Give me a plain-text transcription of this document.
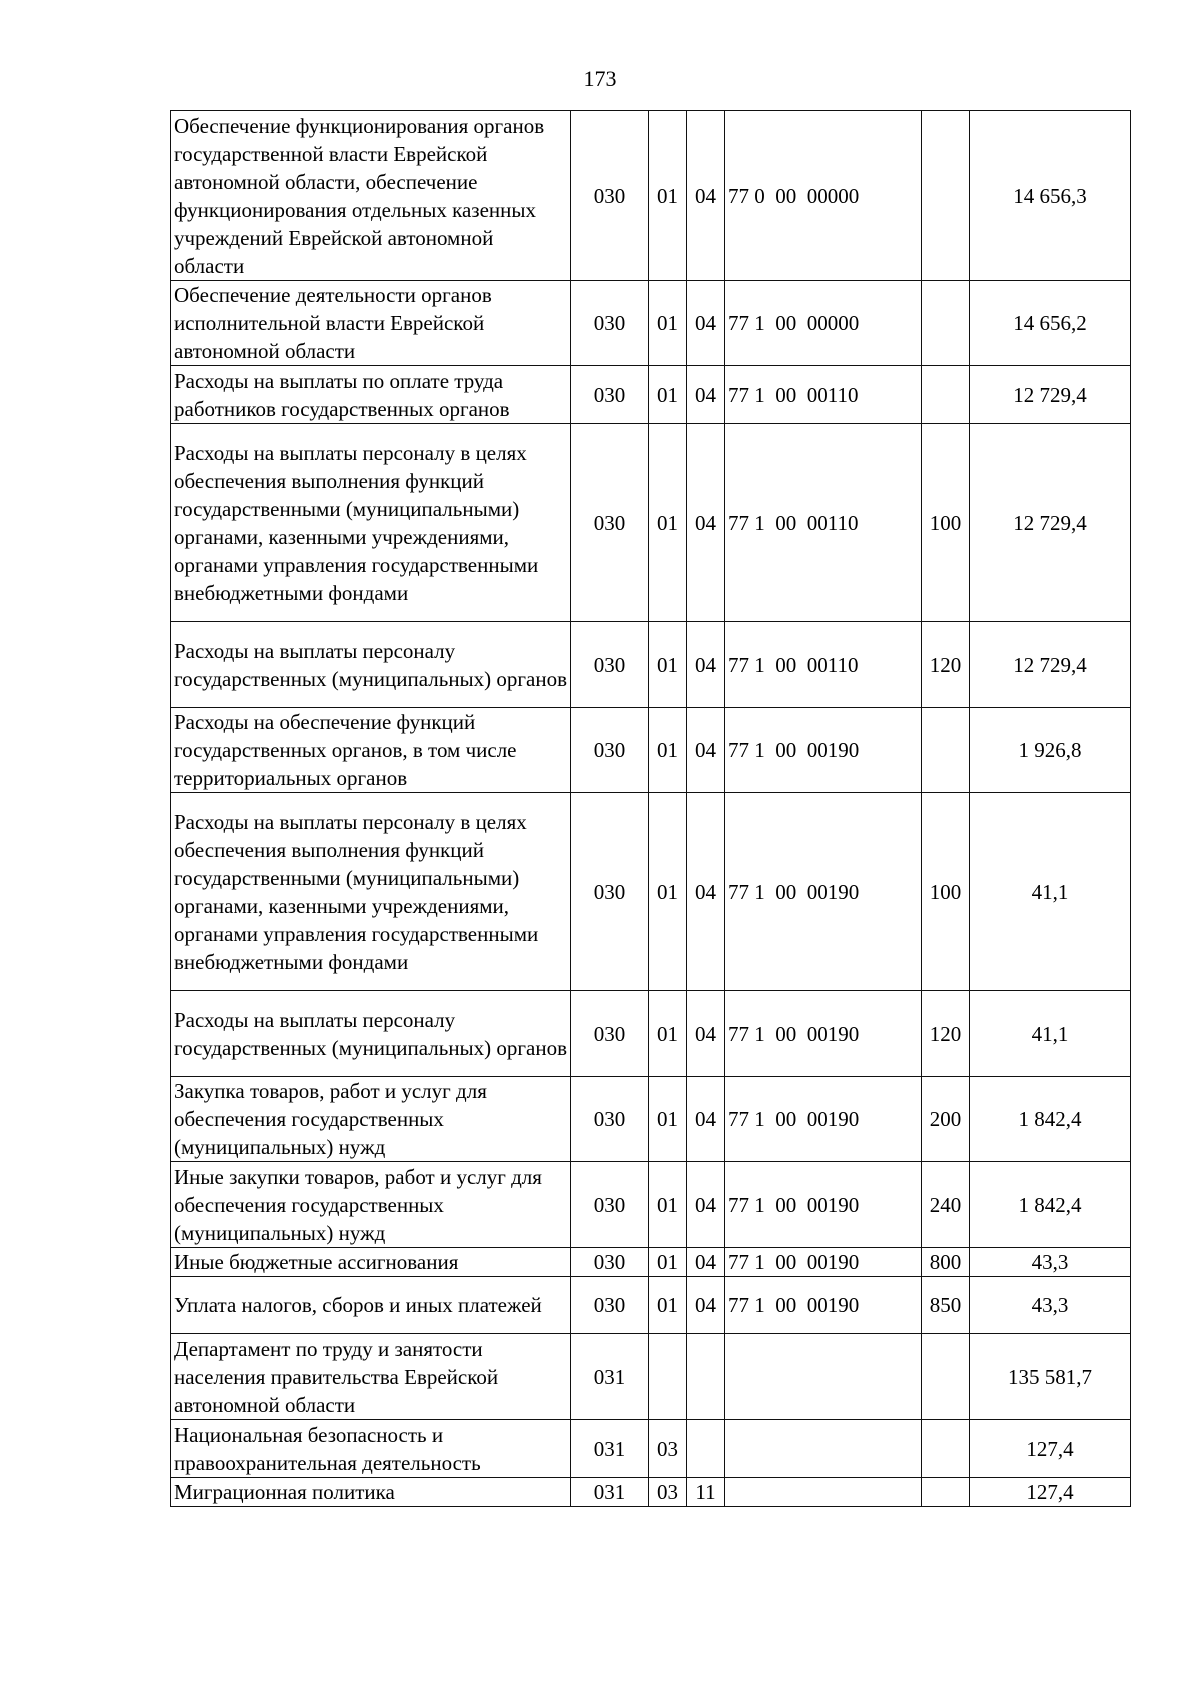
173
Обеспечение функционирования органов государственной власти Еврейской автономной области, обеспечение функционирования отдельных казенных учреждений Еврейской автономной области	030	01	04	77 0  00  00000		14 656,3
Обеспечение деятельности органов исполнительной власти Еврейской автономной области	030	01	04	77 1  00  00000		14 656,2
Расходы на выплаты по оплате труда работников государственных органов	030	01	04	77 1  00  00110		12 729,4
Расходы на выплаты персоналу в целях обеспечения выполнения функций государственными (муниципальными) органами, казенными учреждениями, органами управления государственными внебюджетными фондами	030	01	04	77 1  00  00110	100	12 729,4
Расходы на выплаты персоналу государственных (муниципальных) органов	030	01	04	77 1  00  00110	120	12 729,4
Расходы на обеспечение функций государственных органов, в том числе территориальных органов	030	01	04	77 1  00  00190		1 926,8
Расходы на выплаты персоналу в целях обеспечения выполнения функций государственными (муниципальными) органами, казенными учреждениями, органами управления государственными внебюджетными фондами	030	01	04	77 1  00  00190	100	41,1
Расходы на выплаты персоналу государственных (муниципальных) органов	030	01	04	77 1  00  00190	120	41,1
Закупка товаров, работ и услуг для обеспечения государственных (муниципальных) нужд	030	01	04	77 1  00  00190	200	1 842,4
Иные закупки товаров, работ и услуг для обеспечения государственных (муниципальных) нужд	030	01	04	77 1  00  00190	240	1 842,4
Иные бюджетные ассигнования	030	01	04	77 1  00  00190	800	43,3
Уплата налогов, сборов и иных платежей	030	01	04	77 1  00  00190	850	43,3
Департамент по труду и занятости населения правительства Еврейской автономной области	031					135 581,7
Национальная безопасность и правоохранительная деятельность	031	03				127,4
Миграционная политика	031	03	11			127,4
